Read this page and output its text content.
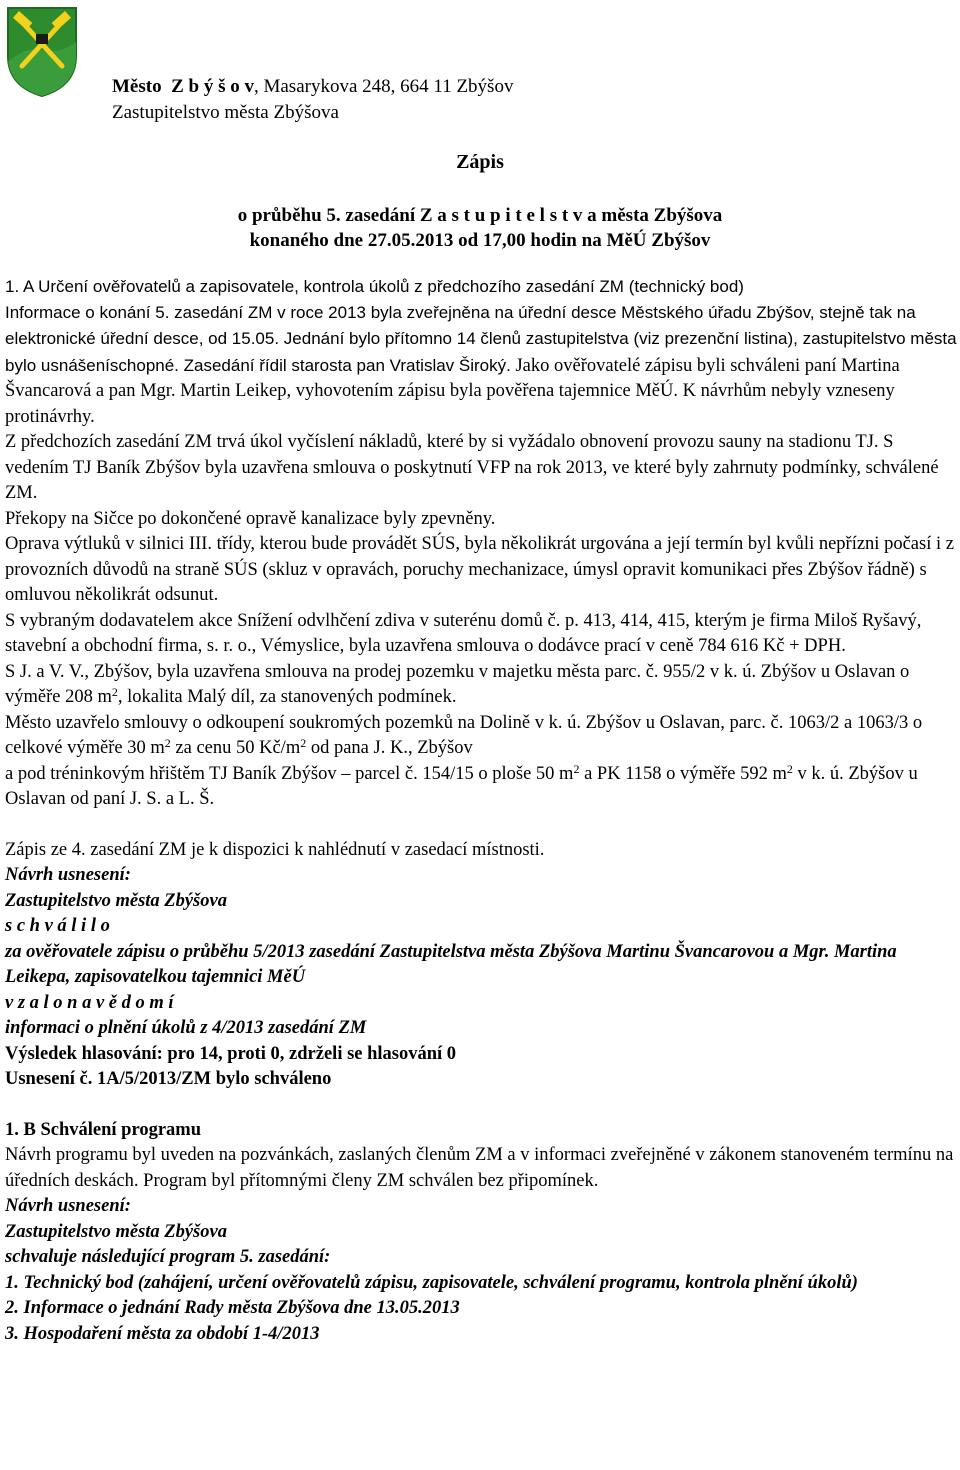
Město Z b ý š o v, Masarykova 248, 664 11 Zbýšov
Zastupitelstvo města Zbýšova
Zápis
o průběhu 5. zasedání Z a s t u p i t e l s t v a města Zbýšova
konaného dne 27.05.2013 od 17,00 hodin na MěÚ Zbýšov

1. A Určení ověřovatelů a zapisovatele, kontrola úkolů z předchozího zasedání ZM (technický bod)

Informace o konání 5. zasedání ZM v roce 2013 byla zveřejněna na úřední desce Městského úřadu Zbýšov, stejně tak na elektronické úřední desce, od 15.05. Jednání bylo přítomno 14 členů zastupitelstva (viz prezenční listina), zastupitelstvo města bylo usnášeníschopné. Zasedání řídil starosta pan Vratislav Široký. Jako ověřovatelé zápisu byli schváleni paní Martina Švancarová a pan Mgr. Martin Leikep, vyhovotením zápisu byla pověřena tajemnice MěÚ. K návrhům nebyly vzneseny protinávrhy.

Z předchozích zasedání ZM trvá úkol vyčíslení nákladů, které by si vyžádalo obnovení provozu sauny na stadionu TJ. S vedením TJ Baník Zbýšov byla uzavřena smlouva o poskytnutí VFP na rok 2013, ve které byly zahrnuty podmínky, schválené ZM.

Překopy na Sičce po dokončené opravě kanalizace byly zpevněny.

Oprava výtluků v silnici III. třídy, kterou bude provádět SÚS, byla několikrát urgována a její termín byl kvůli nepřízni počasí i z provozních důvodů na straně SÚS (skluz v opravách, poruchy mechanizace, úmysl opravit komunikaci přes Zbýšov řádně) s omluvou několikrát odsunut.

S vybraným dodavatelem akce Snížení odvlhčení zdiva v suterénu domů č. p. 413, 414, 415, kterým je firma Miloš Ryšavý, stavební a obchodní firma, s. r. o., Vémyslice, byla uzavřena smlouva o dodávce prací v ceně 784 616 Kč + DPH.

S J. a V. V., Zbýšov, byla uzavřena smlouva na prodej pozemku v majetku města parc. č. 955/2 v k. ú. Zbýšov u Oslavan o výměře 208 $m^2$, lokalita Malý díl, za stanovených podmínek.

Město uzavřelo smlouvy o odkoupení soukromých pozemků na Dolině v k. ú. Zbýšov u Oslavan, parc. č. 1063/2 a 1063/3 o celkové výměře 30 $m^2$ za cenu 50 $Kč/m^2$ od pana J. K., Zbýšov
a pod tréninkovým hřištěm TJ Baník Zbýšov – parcel č. 154/15 o ploše 50 $m^2$ a PK 1158 o výměře 592 $m^2$ v k. ú. Zbýšov u Oslavan od paní J. S. a L. Š.

Zápis ze 4. zasedání ZM je k dispozici k nahlédnutí v zasedací místnosti.

Návrh usnesení:

Zastupitelstvo města Zbýšova

s c h v á l i l o

za ověřovatele zápisu o průběhu 5/2013 zasedání Zastupitelstva města Zbýšova Martinu Švancarovou a Mgr. Martina Leikepa, zapisovatelkou tajemnici MěÚ

v z a l o n a v ě d o m í

informaci o plnění úkolů z 4/2013 zasedání ZM

Výsledek hlasování: pro 14, proti 0, zdrželi se hlasování 0

Usnesení č. 1A/5/2013/ZM bylo schváleno

1. B Schválení programu

Návrh programu byl uveden na pozvánkách, zaslaných členům ZM a v informaci zveřejněné v zákonem stanoveném termínu na úředních deskách. Program byl přítomnými členy ZM schválen bez připomínek.

Návrh usnesení:

Zastupitelstvo města Zbýšova

schvaluje následující program 5. zasedání:

1. Technický bod (zahájení, určení ověřovatelů zápisu, zapisovatele, schválení programu, kontrola plnění úkolů)

2. Informace o jednání Rady města Zbýšova dne 13.05.2013

3. Hospodaření města za období 1-4/2013
